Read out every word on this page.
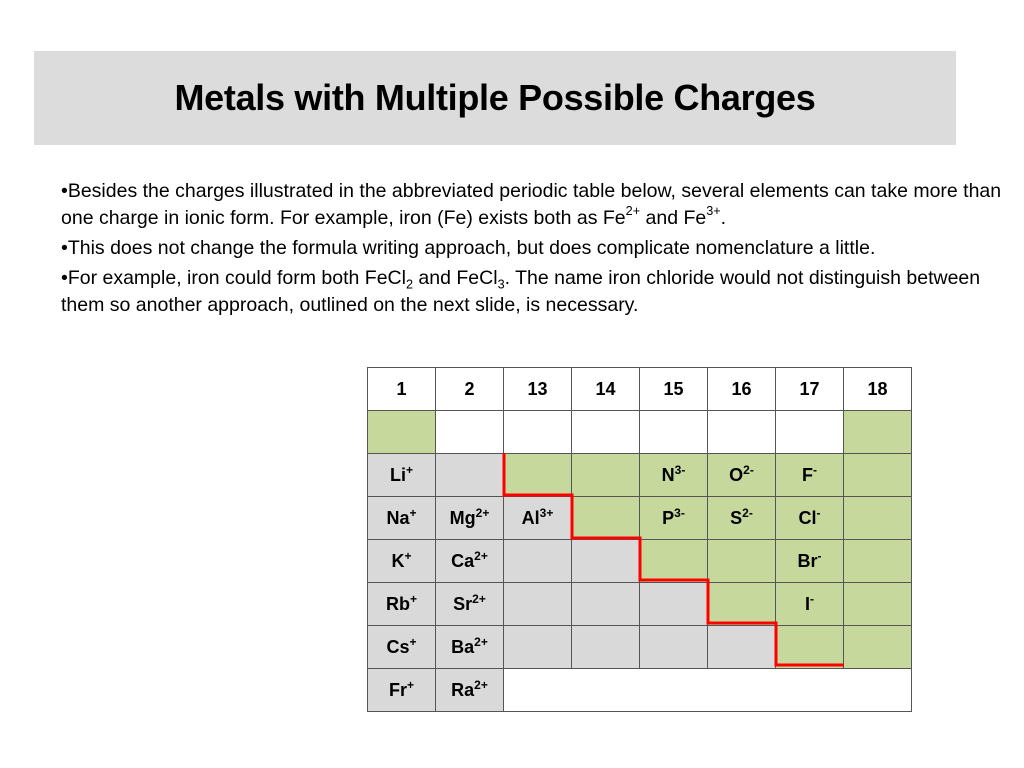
Metals with Multiple Possible Charges
•Besides the charges illustrated in the abbreviated periodic table below, several elements can take more than one charge in ionic form. For example, iron (Fe) exists both as $Fe^{2+}$ and $Fe^{3+}$.
•This does not change the formula writing approach, but does complicate nomenclature a little.
•For example, iron could form both FeCl$_2$ and FeCl$_3$. The name iron chloride would not distinguish between them so another approach, outlined on the next slide, is necessary.
1	2	13	14	15	16	17	18

Li+				$N^{3-}$	$O^{2-}$	F-	
Na+	$Mg^{2+}$	$Al^{3+}$		$P^{3-}$	$S^{2-}$	Cl-	
K+	$Ca^{2+}$					Br-	
Rb+	$Sr^{2+}$					I-	
Cs+	$Ba^{2+}$						
Fr+	$Ra^{2+}$	
